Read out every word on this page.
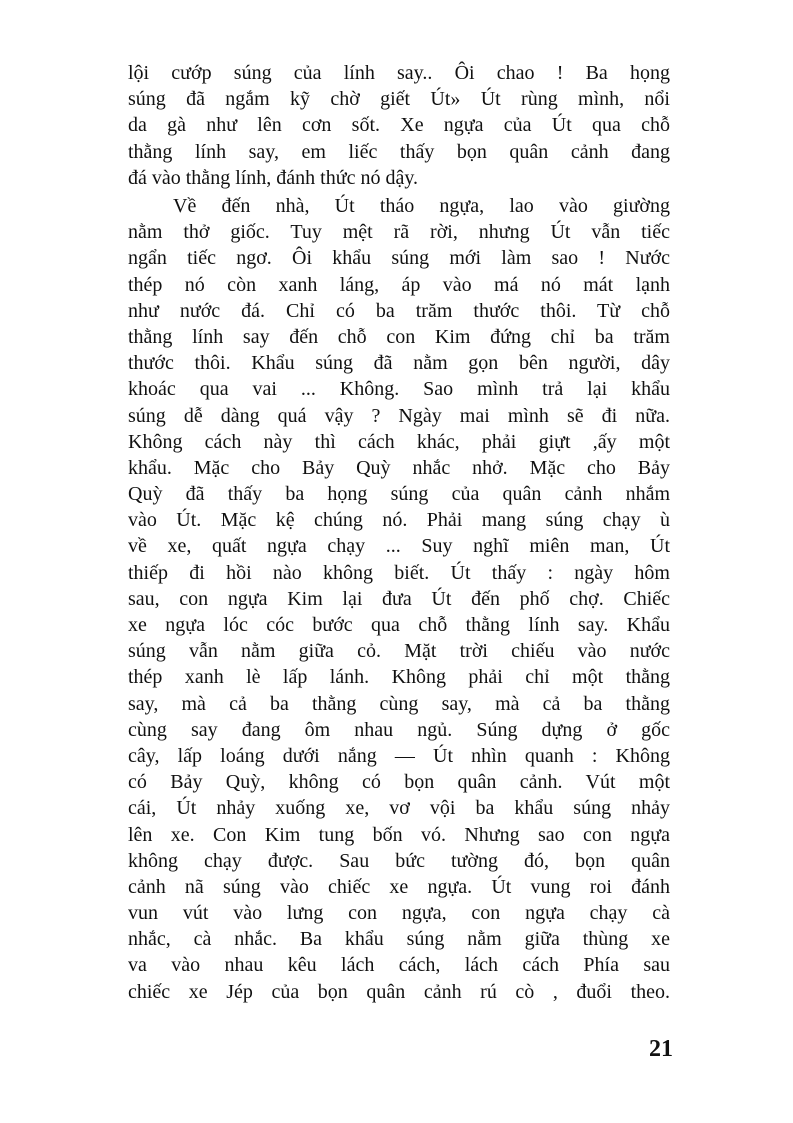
lội cướp súng của lính say.. Ôi chao ! Ba họng
súng đã ngắm kỹ chờ giết Út» Út rùng mình, nổi
da gà như lên cơn sốt. Xe ngựa của Út qua chỗ
thằng lính say, em liếc thấy bọn quân cảnh đang
đá vào thằng lính, đánh thức nó dậy.
Về đến nhà, Út tháo ngựa, lao vào giường
nằm thở giốc. Tuy mệt rã rời, nhưng Út vẫn tiếc
ngẩn tiếc ngơ. Ôi khẩu súng mới làm sao ! Nước
thép nó còn xanh láng, áp vào má nó mát lạnh
như nước đá. Chỉ có ba trăm thước thôi. Từ chỗ
thằng lính say đến chỗ con Kim đứng chỉ ba trăm
thước thôi. Khẩu súng đã nằm gọn bên người, dây
khoác qua vai ... Không. Sao mình trả lại khẩu
súng dễ dàng quá vậy ? Ngày mai mình sẽ đi nữa.
Không cách này thì cách khác, phải giựt ,ấy một
khẩu. Mặc cho Bảy Quỳ nhắc nhở. Mặc cho Bảy
Quỳ đã thấy ba họng súng của quân cảnh nhắm
vào Út. Mặc kệ chúng nó. Phải mang súng chạy ù
về xe, quất ngựa chạy ... Suy nghĩ miên man, Út
thiếp đi hồi nào không biết. Út thấy : ngày hôm
sau, con ngựa Kim lại đưa Út đến phố chợ. Chiếc
xe ngựa lóc cóc bước qua chỗ thằng lính say. Khẩu
súng vẫn nằm giữa cỏ. Mặt trời chiếu vào nước
thép xanh lè lấp lánh. Không phải chỉ một thằng
say, mà cả ba thằng cùng say, mà cả ba thằng
cùng say đang ôm nhau ngủ. Súng dựng ở gốc
cây, lấp loáng dưới nắng — Út nhìn quanh : Không
có Bảy Quỳ, không có bọn quân cảnh. Vút một
cái, Út nhảy xuống xe, vơ vội ba khẩu súng nhảy
lên xe. Con Kim tung bốn vó. Nhưng sao con ngựa
không chạy được. Sau bức tường đó, bọn quân
cảnh nã súng vào chiếc xe ngựa. Út vung roi đánh
vun vút vào lưng con ngựa, con ngựa chạy cà
nhắc, cà nhắc. Ba khẩu súng nằm giữa thùng xe
va vào nhau kêu lách cách, lách cách Phía sau
chiếc xe Jép của bọn quân cảnh rú cò , đuổi theo.
21
